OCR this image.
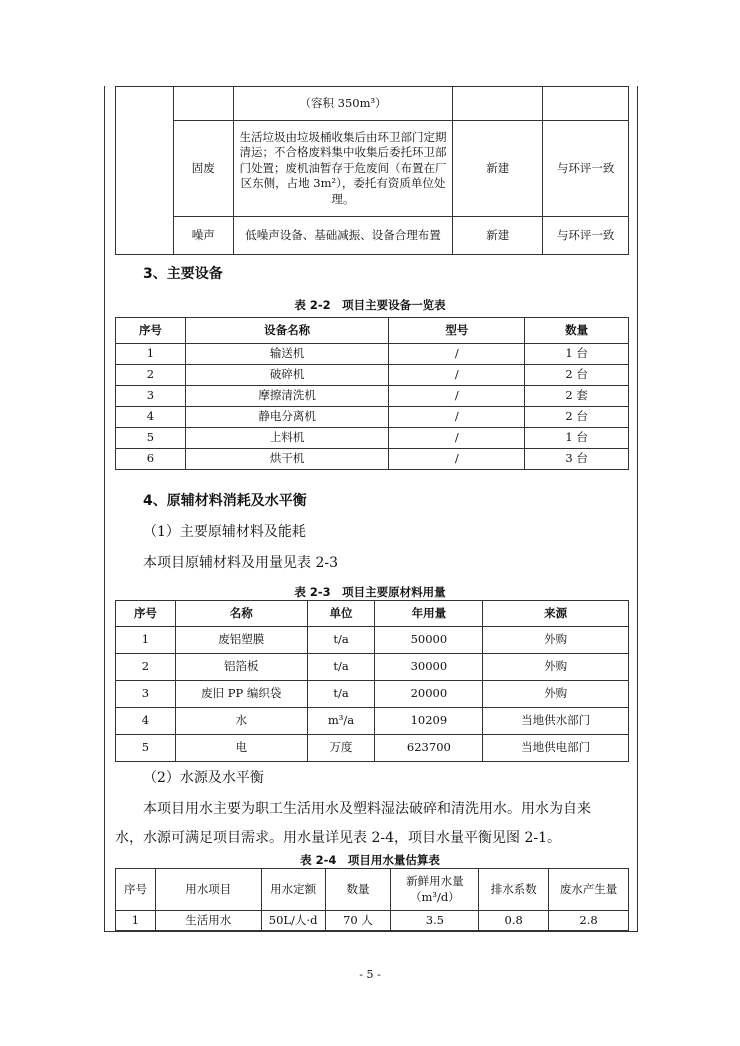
		（容积 350m³）		
	固废	生活垃圾由垃圾桶收集后由环卫部门定期清运；不合格废料集中收集后委托环卫部门处置；废机油暂存于危废间（布置在厂区东侧，占地 3m²），委托有资质单位处理。	新建	与环评一致
	噪声	低噪声设备、基础减振、设备合理布置	新建	与环评一致
3、主要设备
表 2-2　项目主要设备一览表
序号	设备名称	型号	数量
1	输送机	/	1 台
2	破碎机	/	2 台
3	摩擦清洗机	/	2 套
4	静电分离机	/	2 台
5	上料机	/	1 台
6	烘干机	/	3 台
4、原辅材料消耗及水平衡
（1）主要原辅材料及能耗
本项目原辅材料及用量见表 2-3
表 2-3　项目主要原材料用量
序号	名称	单位	年用量	来源
1	废铝塑膜	t/a	50000	外购
2	铝箔板	t/a	30000	外购
3	废旧 PP 编织袋	t/a	20000	外购
4	水	m³/a	10209	当地供水部门
5	电	万度	623700	当地供电部门
（2）水源及水平衡
本项目用水主要为职工生活用水及塑料湿法破碎和清洗用水。用水为自来
水，水源可满足项目需求。用水量详见表 2-4，项目水量平衡见图 2-1。
表 2-4　项目用水量估算表
序号	用水项目	用水定额	数量	新鲜用水量（m³/d）	排水系数	废水产生量
1	生活用水	50L/人·d	70 人	3.5	0.8	2.8
- 5 -
